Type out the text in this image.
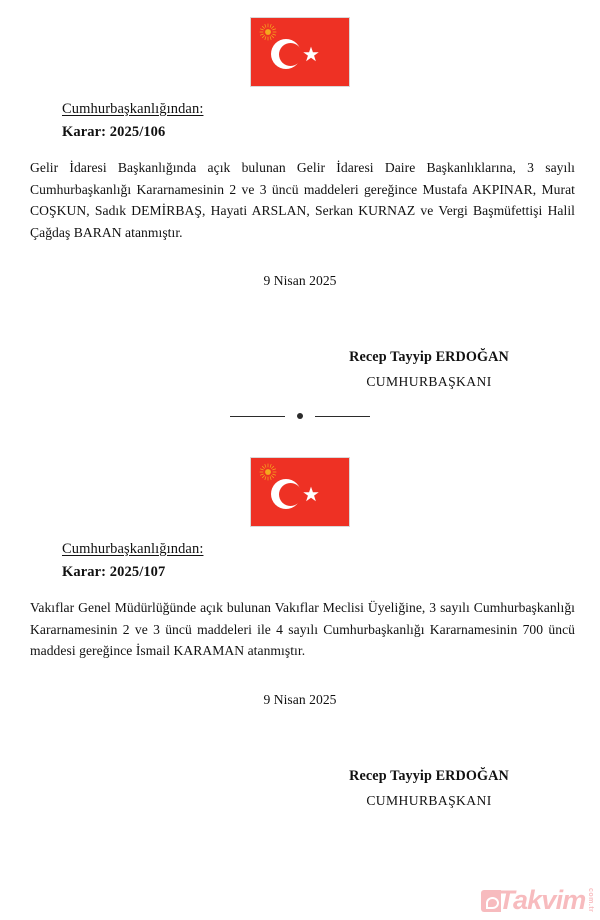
Cumhurbaşkanlığından:
Karar: 2025/106
Gelir İdaresi Başkanlığında açık bulunan Gelir İdaresi Daire Başkanlıklarına, 3 sayılı Cumhurbaşkanlığı Kararnamesinin 2 ve 3 üncü maddeleri gereğince Mustafa AKPINAR, Murat COŞKUN, Sadık DEMİRBAŞ, Hayati ARSLAN, Serkan KURNAZ ve Vergi Başmüfettişi Halil Çağdaş BARAN atanmıştır.
9 Nisan 2025
Recep Tayyip ERDOĞAN
CUMHURBAŞKANI
Cumhurbaşkanlığından:
Karar: 2025/107
Vakıflar Genel Müdürlüğünde açık bulunan Vakıflar Meclisi Üyeliğine, 3 sayılı Cumhurbaşkanlığı Kararnamesinin 2 ve 3 üncü maddeleri ile 4 sayılı Cumhurbaşkanlığı Kararnamesinin 700 üncü maddesi gereğince İsmail KARAMAN atanmıştır.
9 Nisan 2025
Recep Tayyip ERDOĞAN
CUMHURBAŞKANI
Takvim com.tr
